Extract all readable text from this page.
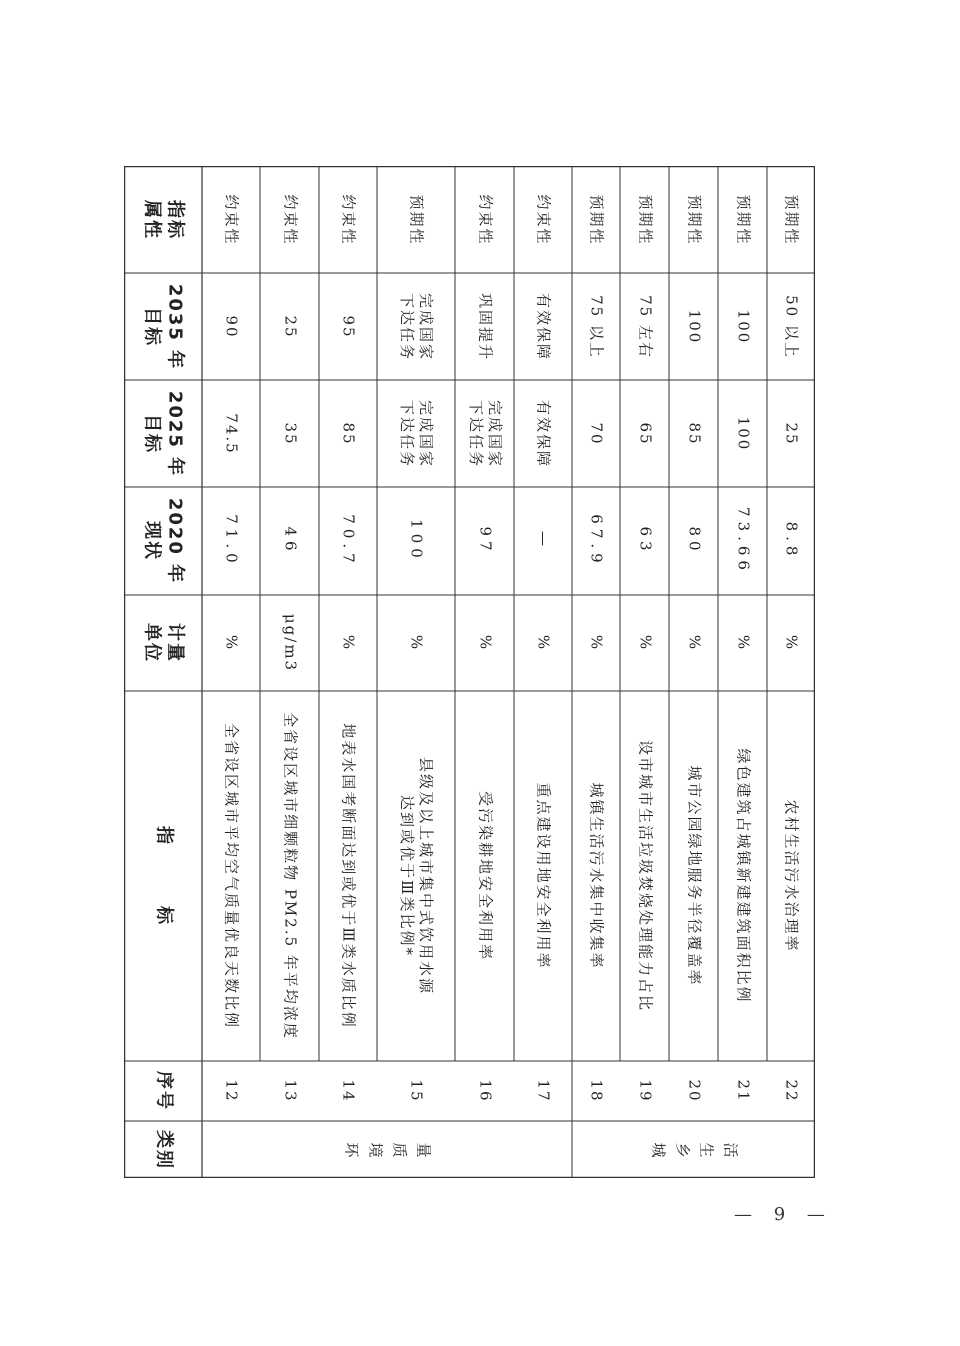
指标
属性
2035 年
目标
2025 年
目标
2020 年
现状
计量
单位
指　　　标
序号
类别
约束性
90
74.5
71.0
%
全省设区城市平均空气质量优良天数比例
12
约束性
25
35
46
μg/m3
全省设区城市细颗粒物 PM2.5 年平均浓度
13
约束性
95
85
70.7
%
地表水国考断面达到或优于Ⅲ类水质比例
14
预期性
完成国家
下达任务
完成国家
下达任务
100
%
县级及以上城市集中式饮用水源
达到或优于Ⅲ类比例*
15
约束性
巩固提升
完成国家
下达任务
97
%
受污染耕地安全利用率
16
约束性
有效保障
有效保障
—
%
重点建设用地安全利用率
17
预期性
75 以上
70
67.9
%
城镇生活污水集中收集率
18
预期性
75 左右
65
63
%
设市城市生活垃圾焚烧处理能力占比
19
预期性
100
85
80
%
城市公园绿地服务半径覆盖率
20
预期性
100
100
73.66
%
绿色建筑占城镇新建建筑面积比例
21
预期性
50 以上
25
8.8
%
农村生活污水治理率
22
环 境 质 量	城 乡 生 活
— 9 —
